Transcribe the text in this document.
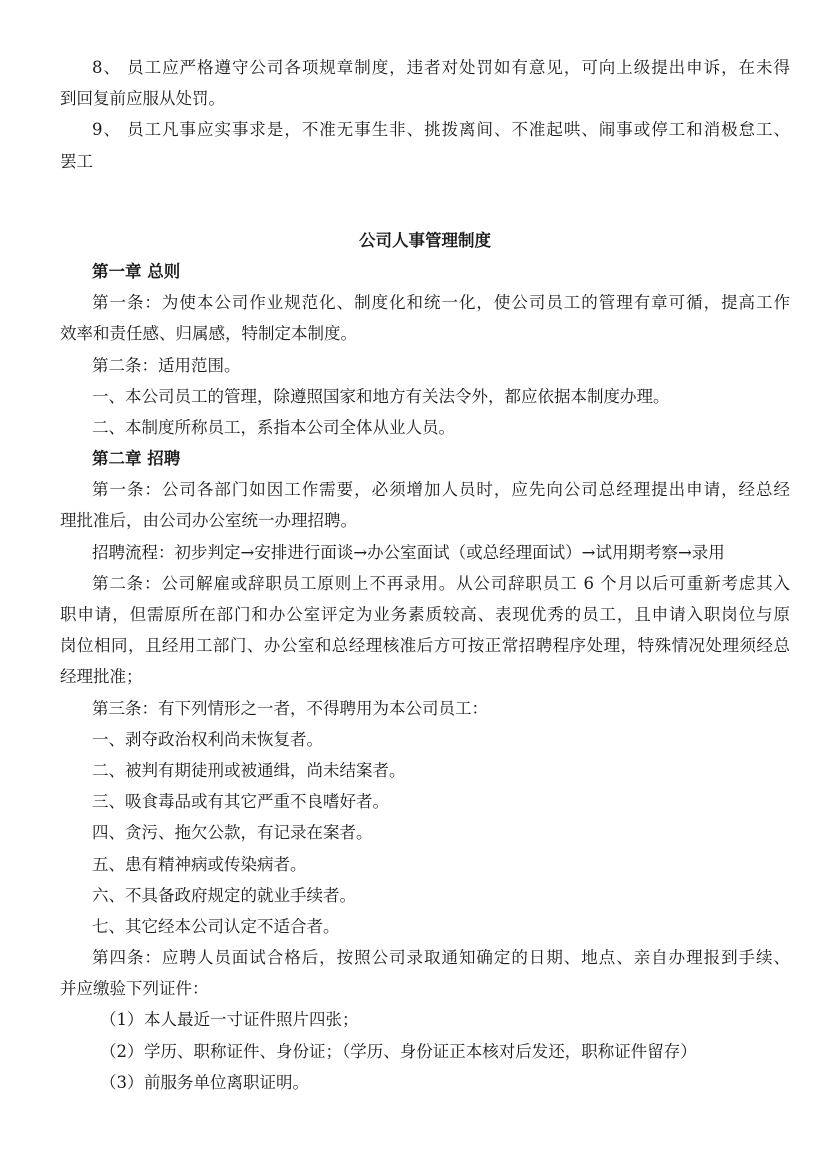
8、 员工应严格遵守公司各项规章制度，违者对处罚如有意见，可向上级提出申诉，在未得
到回复前应服从处罚。
9、 员工凡事应实事求是，不准无事生非、挑拨离间、不准起哄、闹事或停工和消极怠工、
罢工
公司人事管理制度
第一章 总则
第一条：为使本公司作业规范化、制度化和统一化，使公司员工的管理有章可循，提高工作
效率和责任感、归属感，特制定本制度。
第二条：适用范围。
一、本公司员工的管理，除遵照国家和地方有关法令外，都应依据本制度办理。
二、本制度所称员工，系指本公司全体从业人员。
第二章 招聘
第一条：公司各部门如因工作需要，必须增加人员时，应先向公司总经理提出申请，经总经
理批准后，由公司办公室统一办理招聘。
招聘流程：初步判定→安排进行面谈→办公室面试（或总经理面试）→试用期考察→录用
第二条：公司解雇或辞职员工原则上不再录用。从公司辞职员工 6 个月以后可重新考虑其入
职申请，但需原所在部门和办公室评定为业务素质较高、表现优秀的员工，且申请入职岗位与原
岗位相同，且经用工部门、办公室和总经理核准后方可按正常招聘程序处理，特殊情况处理须经总
经理批准；
第三条：有下列情形之一者，不得聘用为本公司员工：
一、剥夺政治权利尚未恢复者。
二、被判有期徒刑或被通缉，尚未结案者。
三、吸食毒品或有其它严重不良嗜好者。
四、贪污、拖欠公款，有记录在案者。
五、患有精神病或传染病者。
六、不具备政府规定的就业手续者。
七、其它经本公司认定不适合者。
第四条：应聘人员面试合格后，按照公司录取通知确定的日期、地点、亲自办理报到手续、
并应缴验下列证件：
（1）本人最近一寸证件照片四张；
（2）学历、职称证件、身份证；（学历、身份证正本核对后发还，职称证件留存）
（3）前服务单位离职证明。
